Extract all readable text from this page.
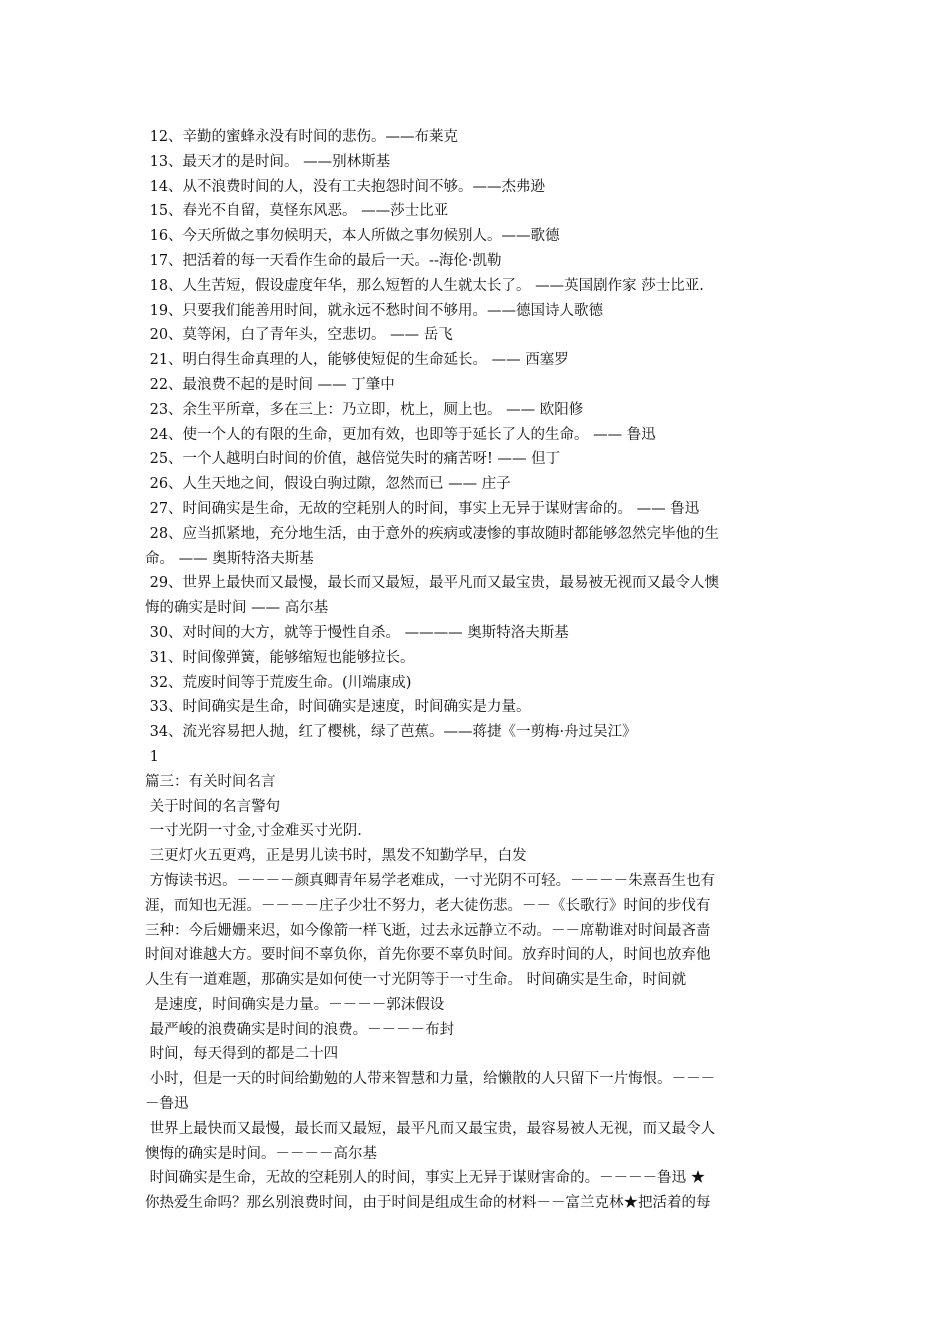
12、辛勤的蜜蜂永没有时间的悲伤。——布莱克
13、最天才的是时间。 ——别林斯基
14、从不浪费时间的人，没有工夫抱怨时间不够。——杰弗逊
15、春光不自留，莫怪东风恶。 ——莎士比亚
16、今天所做之事勿候明天，本人所做之事勿候别人。——歌德
17、把活着的每一天看作生命的最后一天。--海伦·凯勒
18、人生苦短，假设虚度年华，那么短暂的人生就太长了。 ——英国剧作家 莎士比亚.
19、只要我们能善用时间，就永远不愁时间不够用。——德国诗人歌德
20、莫等闲，白了青年头，空悲切。 —— 岳飞
21、明白得生命真理的人，能够使短促的生命延长。 —— 西塞罗
22、最浪费不起的是时间 —— 丁肇中
23、余生平所章，多在三上：乃立即，枕上，厕上也。 —— 欧阳修
24、使一个人的有限的生命，更加有效，也即等于延长了人的生命。 —— 鲁迅
25、一个人越明白时间的价值，越倍觉失时的痛苦呀! —— 但丁
26、人生天地之间，假设白驹过隙，忽然而已 —— 庄子
27、时间确实是生命，无故的空耗别人的时间，事实上无异于谋财害命的。 —— 鲁迅
28、应当抓紧地，充分地生活，由于意外的疾病或凄惨的事故随时都能够忽然完毕他的生
命。 —— 奥斯特洛夫斯基
29、世界上最快而又最慢，最长而又最短，最平凡而又最宝贵，最易被无视而又最令人懊
悔的确实是时间 —— 高尔基
30、对时间的大方，就等于慢性自杀。 ———— 奥斯特洛夫斯基
31、时间像弹簧，能够缩短也能够拉长。
32、荒废时间等于荒废生命。(川端康成)
33、时间确实是生命，时间确实是速度，时间确实是力量。
34、流光容易把人抛，红了樱桃，绿了芭蕉。——蒋捷《一剪梅·舟过吴江》
1
篇三：有关时间名言
关于时间的名言警句
一寸光阴一寸金,寸金难买寸光阴.
三更灯火五更鸡，正是男儿读书时，黑发不知勤学早，白发
方悔读书迟。－－－－颜真卿青年易学老难成，一寸光阴不可轻。－－－－朱熹吾生也有
涯，而知也无涯。－－－－庄子少壮不努力，老大徒伤悲。－－《长歌行》时间的步伐有
三种：今后姗姗来迟，如今像箭一样飞逝，过去永远静立不动。－－席勒谁对时间最吝啬
时间对谁越大方。要时间不辜负你，首先你要不辜负时间。放弃时间的人，时间也放弃他
人生有一道难题，那确实是如何使一寸光阴等于一寸生命。 时间确实是生命，时间就
是速度，时间确实是力量。－－－－郭沫假设
最严峻的浪费确实是时间的浪费。－－－－布封
时间，每天得到的都是二十四
小时，但是一天的时间给勤勉的人带来智慧和力量，给懒散的人只留下一片悔恨。－－－
－鲁迅
世界上最快而又最慢，最长而又最短，最平凡而又最宝贵，最容易被人无视，而又最令人
懊悔的确实是时间。－－－－高尔基
时间确实是生命，无故的空耗别人的时间，事实上无异于谋财害命的。－－－－鲁迅 ★
你热爱生命吗？那幺别浪费时间，由于时间是组成生命的材料－－富兰克林★把活着的每
